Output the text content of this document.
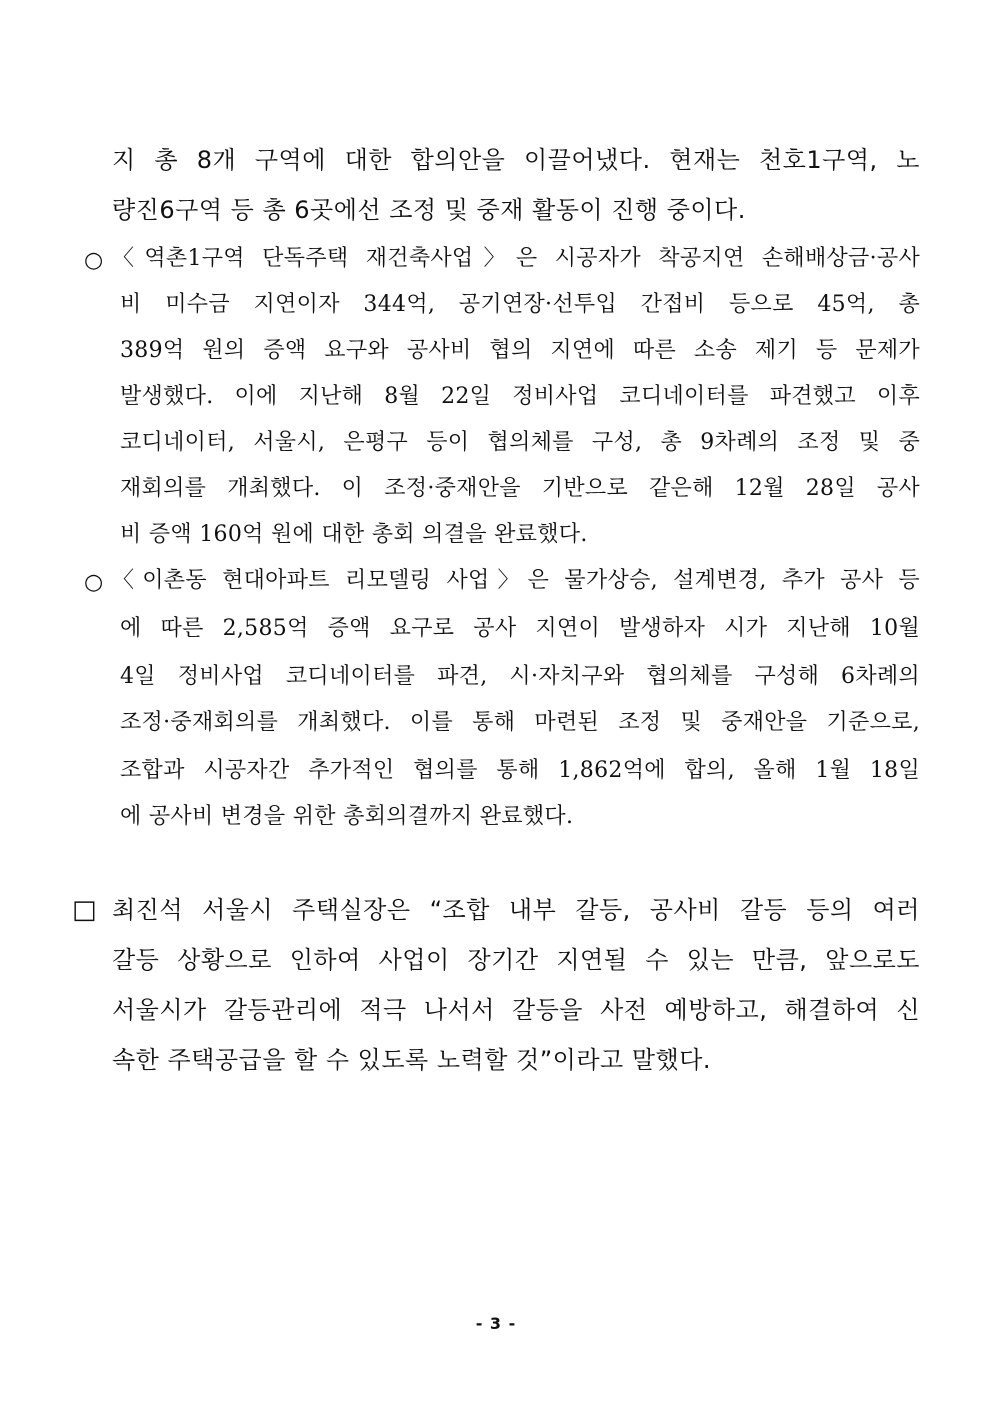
지 총 8개 구역에 대한 합의안을 이끌어냈다. 현재는 천호1구역, 노
량진6구역 등 총 6곳에선 조정 및 중재 활동이 진행 중이다.
○ 〈역촌1구역 단독주택 재건축사업〉은 시공자가 착공지연 손해배상금·공사
비 미수금 지연이자 344억, 공기연장·선투입 간접비 등으로 45억, 총
389억 원의 증액 요구와 공사비 협의 지연에 따른 소송 제기 등 문제가
발생했다. 이에 지난해 8월 22일 정비사업 코디네이터를 파견했고 이후
코디네이터, 서울시, 은평구 등이 협의체를 구성, 총 9차례의 조정 및 중
재회의를 개최했다. 이 조정·중재안을 기반으로 같은해 12월 28일 공사
비 증액 160억 원에 대한 총회 의결을 완료했다.
○ 〈이촌동 현대아파트 리모델링 사업〉은 물가상승, 설계변경, 추가 공사 등
에 따른 2,585억 증액 요구로 공사 지연이 발생하자 시가 지난해 10월
4일 정비사업 코디네이터를 파견, 시·자치구와 협의체를 구성해 6차례의
조정·중재회의를 개최했다. 이를 통해 마련된 조정 및 중재안을 기준으로,
조합과 시공자간 추가적인 협의를 통해 1,862억에 합의, 올해 1월 18일
에 공사비 변경을 위한 총회의결까지 완료했다.
□ 최진석 서울시 주택실장은 “조합 내부 갈등, 공사비 갈등 등의 여러
갈등 상황으로 인하여 사업이 장기간 지연될 수 있는 만큼, 앞으로도
서울시가 갈등관리에 적극 나서서 갈등을 사전 예방하고, 해결하여 신
속한 주택공급을 할 수 있도록 노력할 것”이라고 말했다.
- 3 -
